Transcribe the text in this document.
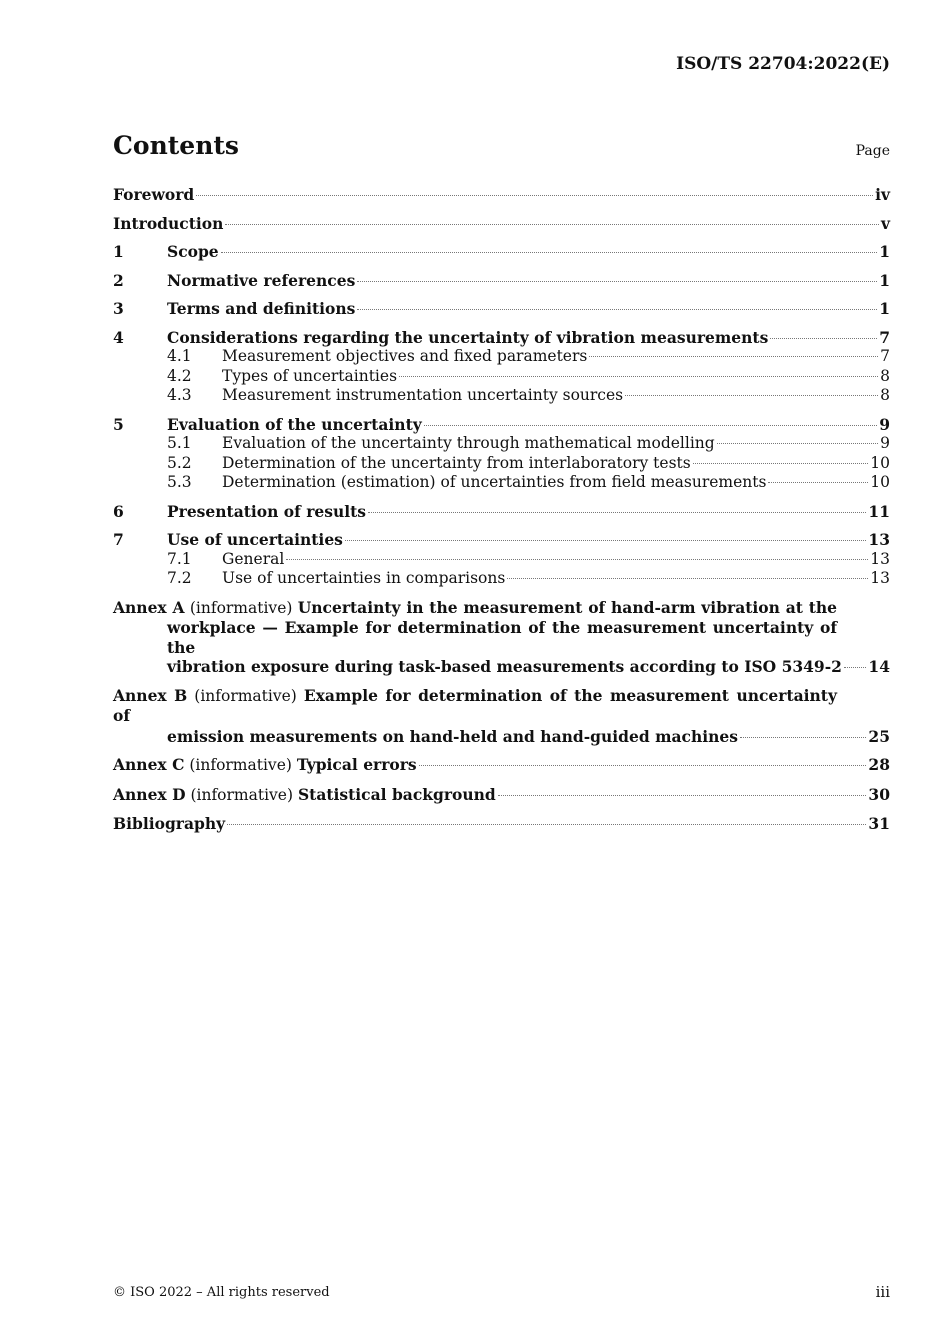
ISO/TS 22704:2022(E)
Contents	Page
Foreword	iv
Introduction	v
1	Scope	1
2	Normative references	1
3	Terms and definitions	1
4	Considerations regarding the uncertainty of vibration measurements	7
4.1	Measurement objectives and fixed parameters	7
4.2	Types of uncertainties	8
4.3	Measurement instrumentation uncertainty sources	8
5	Evaluation of the uncertainty	9
5.1	Evaluation of the uncertainty through mathematical modelling	9
5.2	Determination of the uncertainty from interlaboratory tests	10
5.3	Determination (estimation) of uncertainties from field measurements	10
6	Presentation of results	11
7	Use of uncertainties	13
7.1	General	13
7.2	Use of uncertainties in comparisons	13
Annex A (informative) Uncertainty in the measurement of hand-arm vibration at the
workplace — Example for determination of the measurement uncertainty of the
vibration exposure during task-based measurements according to ISO 5349-2 14
Annex B (informative) Example for determination of the measurement uncertainty of
emission measurements on hand-held and hand-guided machines	25
Annex C (informative) Typical errors	28
Annex D (informative) Statistical background	30
Bibliography	31
© ISO 2022 – All rights reserved	iii
